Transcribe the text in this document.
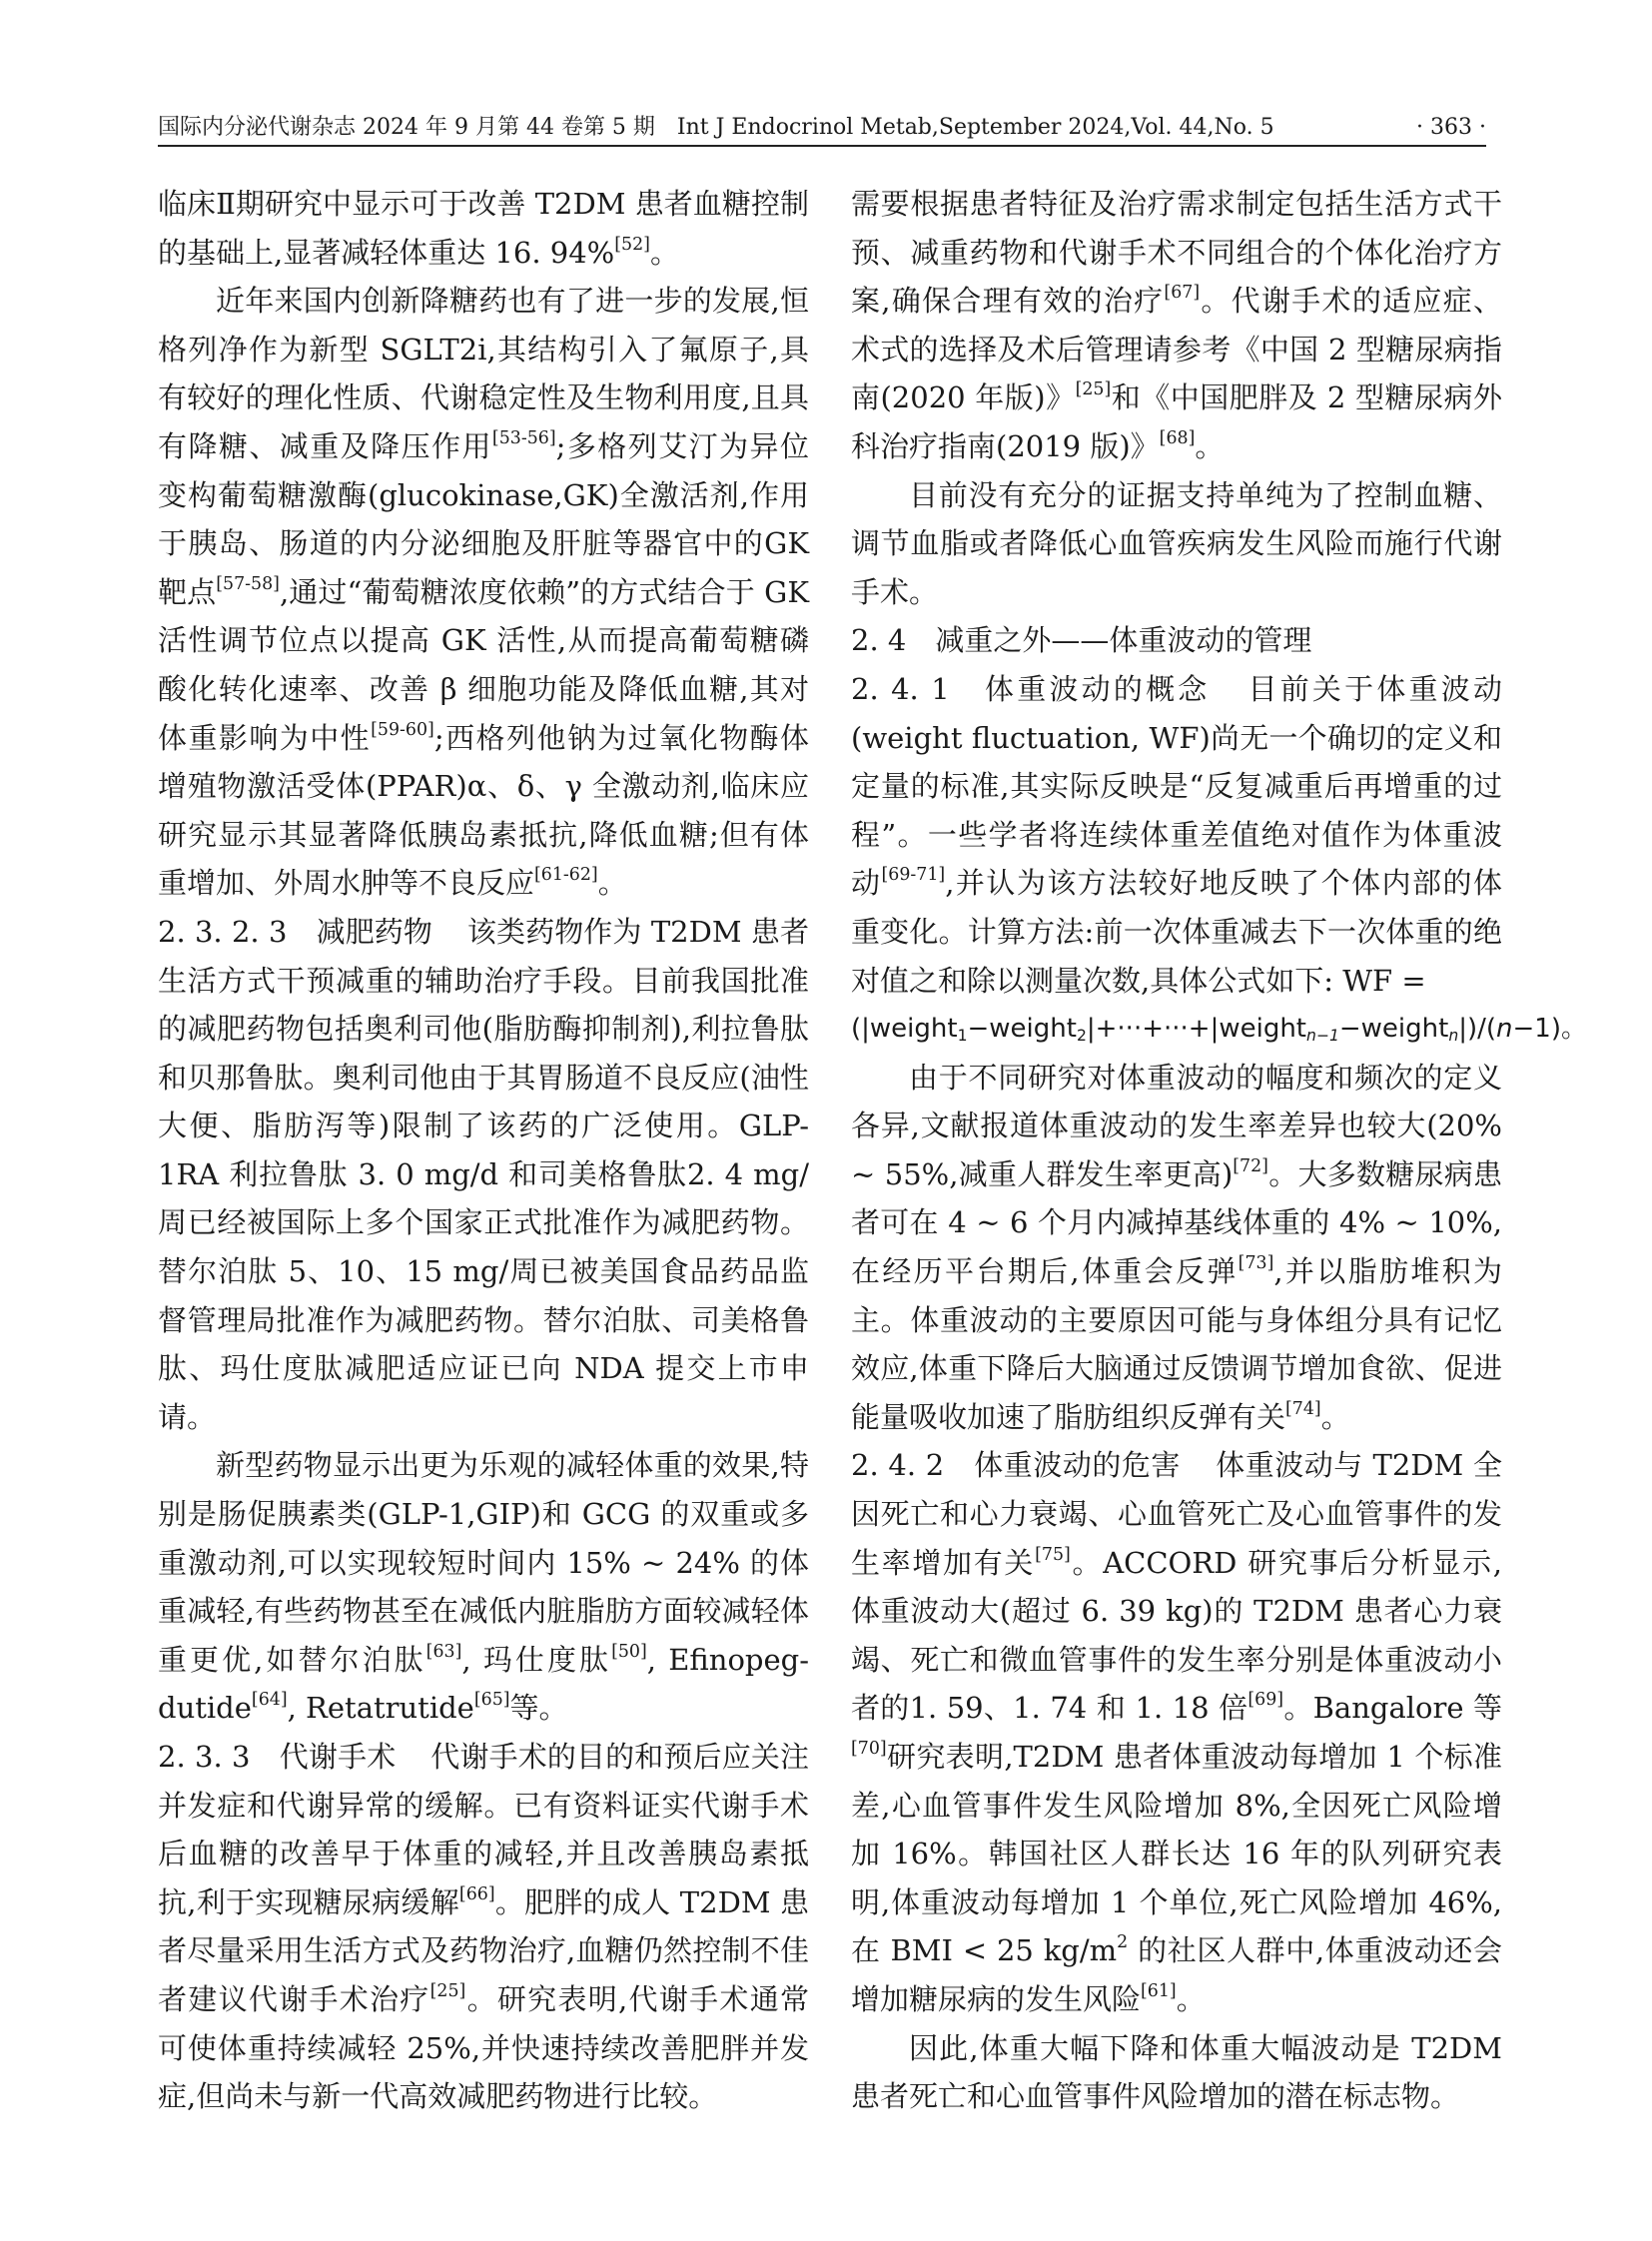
国际内分泌代谢杂志 2024 年 9 月第 44 卷第 5 期　Int J Endocrinol Metab,September 2024,Vol. 44,No. 5	· 363 ·

临床Ⅱ期研究中显示可于改善 T2DM 患者血糖控制的基础上,显著减轻体重达 16. 94%[52]。

近年来国内创新降糖药也有了进一步的发展,恒格列净作为新型 SGLT2i,其结构引入了氟原子,具有较好的理化性质、代谢稳定性及生物利用度,且具有降糖、减重及降压作用[53-56];多格列艾汀为异位变构葡萄糖激酶(glucokinase,GK)全激活剂,作用于胰岛、肠道的内分泌细胞及肝脏等器官中的GK 靶点[57-58],通过“葡萄糖浓度依赖”的方式结合于 GK 活性调节位点以提高 GK 活性,从而提高葡萄糖磷酸化转化速率、改善 β 细胞功能及降低血糖,其对体重影响为中性[59-60];西格列他钠为过氧化物酶体增殖物激活受体(PPAR)α、δ、γ 全激动剂,临床应研究显示其显著降低胰岛素抵抗,降低血糖;但有体重增加、外周水肿等不良反应[61-62]。

2. 3. 2. 3　减肥药物 该类药物作为 T2DM 患者生活方式干预减重的辅助治疗手段。目前我国批准的减肥药物包括奥利司他(脂肪酶抑制剂),利拉鲁肽和贝那鲁肽。奥利司他由于其胃肠道不良反应(油性大便、脂肪泻等)限制了该药的广泛使用。GLP-1RA 利拉鲁肽 3. 0 mg/d 和司美格鲁肽2. 4 mg/周已经被国际上多个国家正式批准作为减肥药物。替尔泊肽 5、10、15 mg/周已被美国食品药品监督管理局批准作为减肥药物。替尔泊肽、司美格鲁肽、玛仕度肽减肥适应证已向 NDA 提交上市申请。

新型药物显示出更为乐观的减轻体重的效果,特别是肠促胰素类(GLP-1,GIP)和 GCG 的双重或多重激动剂,可以实现较短时间内 15% ~ 24% 的体重减轻,有些药物甚至在减低内脏脂肪方面较减轻体重更优,如替尔泊肽[63], 玛仕度肽[50], Efinopeg-dutide[64], Retatrutide[65]等。

2. 3. 3　代谢手术 代谢手术的目的和预后应关注并发症和代谢异常的缓解。已有资料证实代谢手术后血糖的改善早于体重的减轻,并且改善胰岛素抵抗,利于实现糖尿病缓解[66]。肥胖的成人 T2DM 患者尽量采用生活方式及药物治疗,血糖仍然控制不佳者建议代谢手术治疗[25]。研究表明,代谢手术通常可使体重持续减轻 25%,并快速持续改善肥胖并发症,但尚未与新一代高效减肥药物进行比较。

需要根据患者特征及治疗需求制定包括生活方式干预、减重药物和代谢手术不同组合的个体化治疗方案,确保合理有效的治疗[67]。代谢手术的适应症、术式的选择及术后管理请参考《中国 2 型糖尿病指南(2020 年版)》[25]和《中国肥胖及 2 型糖尿病外科治疗指南(2019 版)》[68]。

目前没有充分的证据支持单纯为了控制血糖、调节血脂或者降低心血管疾病发生风险而施行代谢手术。

2. 4　减重之外——体重波动的管理

2. 4. 1　体重波动的概念 目前关于体重波动(weight fluctuation, WF)尚无一个确切的定义和定量的标准,其实际反映是“反复减重后再增重的过程”。一些学者将连续体重差值绝对值作为体重波动[69-71],并认为该方法较好地反映了个体内部的体重变化。计算方法:前一次体重减去下一次体重的绝对值之和除以测量次数,具体公式如下: WF =

(|weight$_1$−weight$_2$|+···+···+|weight$_{n-1}$−weight$_n$|)/(n−1)。

由于不同研究对体重波动的幅度和频次的定义各异,文献报道体重波动的发生率差异也较大(20% ~ 55%,减重人群发生率更高)[72]。大多数糖尿病患者可在 4 ~ 6 个月内减掉基线体重的 4% ~ 10%,在经历平台期后,体重会反弹[73],并以脂肪堆积为主。体重波动的主要原因可能与身体组分具有记忆效应,体重下降后大脑通过反馈调节增加食欲、促进能量吸收加速了脂肪组织反弹有关[74]。

2. 4. 2　体重波动的危害 体重波动与 T2DM 全因死亡和心力衰竭、心血管死亡及心血管事件的发生率增加有关[75]。ACCORD 研究事后分析显示,体重波动大(超过 6. 39 kg)的 T2DM 患者心力衰竭、死亡和微血管事件的发生率分别是体重波动小者的1. 59、1. 74 和 1. 18 倍[69]。Bangalore 等[70]研究表明,T2DM 患者体重波动每增加 1 个标准差,心血管事件发生风险增加 8%,全因死亡风险增加 16%。韩国社区人群长达 16 年的队列研究表明,体重波动每增加 1 个单位,死亡风险增加 46%,在 BMI < 25 $kg/m^2$ 的社区人群中,体重波动还会增加糖尿病的发生风险[61]。

因此,体重大幅下降和体重大幅波动是 T2DM 患者死亡和心血管事件风险增加的潜在标志物。
